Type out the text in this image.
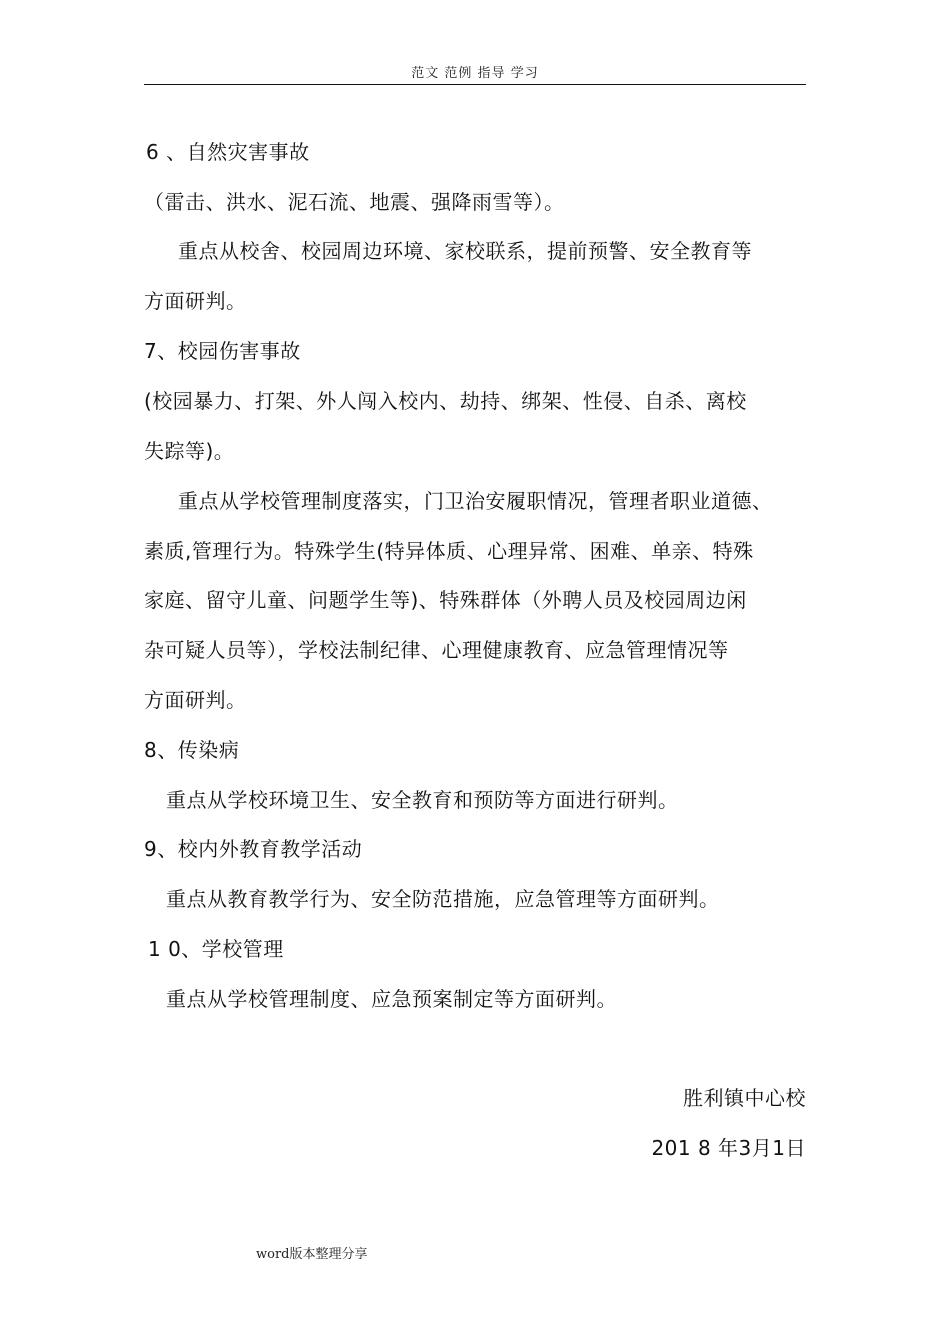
范文 范例 指导 学习
6 、自然灾害事故
（雷击、洪水、泥石流、地震、强降雨雪等）。
重点从校舍、校园周边环境、家校联系，提前预警、安全教育等
方面研判。
7、校园伤害事故
(校园暴力、打架、外人闯入校内、劫持、绑架、性侵、自杀、离校
失踪等)。
重点从学校管理制度落实，门卫治安履职情况，管理者职业道德、
素质,管理行为。特殊学生(特异体质、心理异常、困难、单亲、特殊
家庭、留守儿童、问题学生等)、特殊群体（外聘人员及校园周边闲
杂可疑人员等），学校法制纪律、心理健康教育、应急管理情况等
方面研判。
8、传染病
重点从学校环境卫生、安全教育和预防等方面进行研判。
9、校内外教育教学活动
重点从教育教学行为、安全防范措施，应急管理等方面研判。
1 0、学校管理
重点从学校管理制度、应急预案制定等方面研判。
胜利镇中心校
201 8 年3月1日
word版本整理分享
